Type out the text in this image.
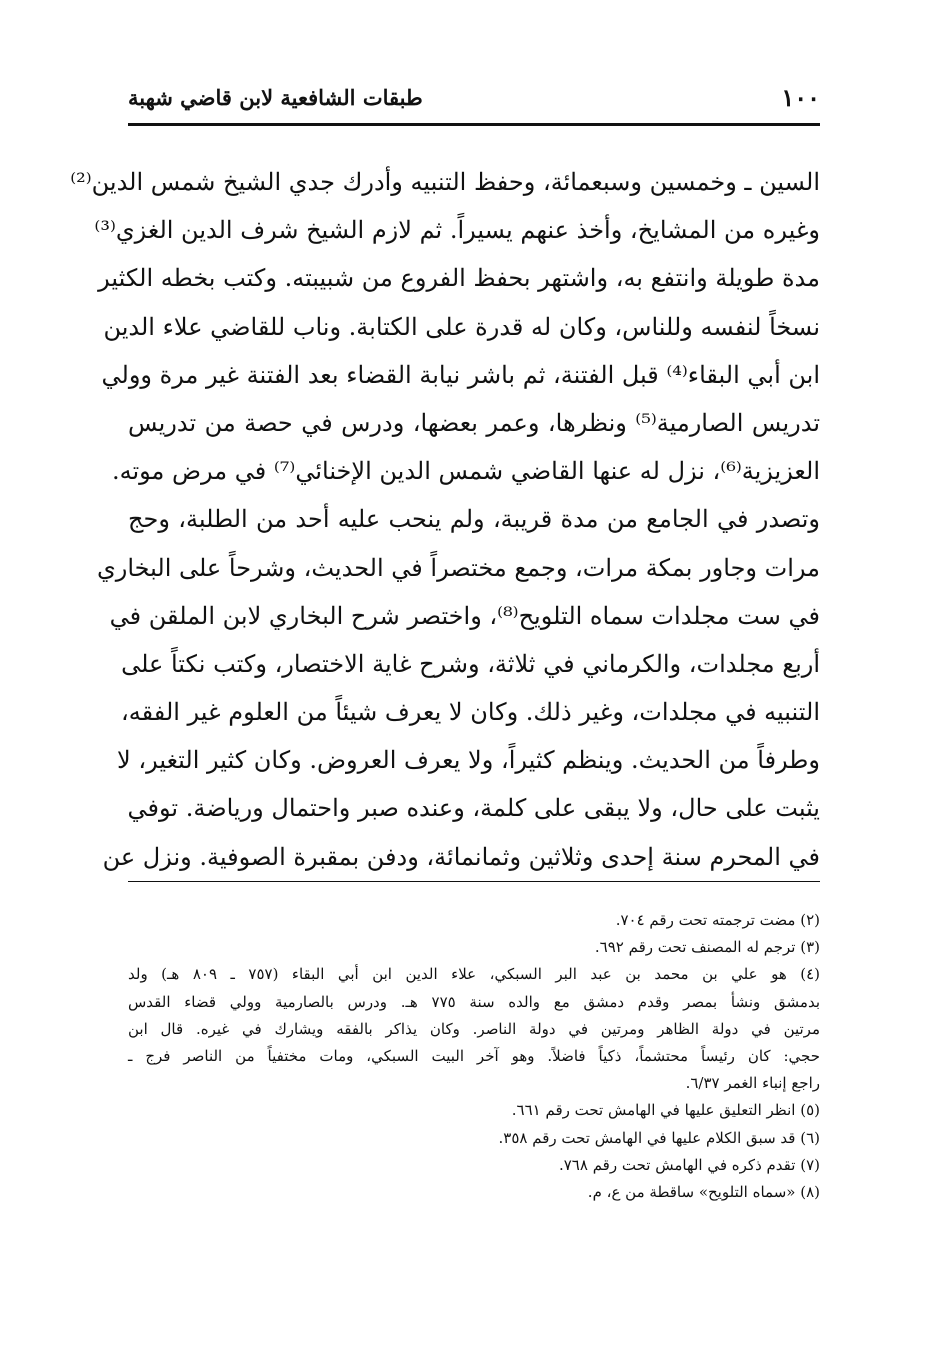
١٠٠
طبقات الشافعية لابن قاضي شهبة
السين ـ وخمسين وسبعمائة، وحفظ التنبيه وأدرك جدي الشيخ شمس الدين⁽²⁾
وغيره من المشايخ، وأخذ عنهم يسيراً. ثم لازم الشيخ شرف الدين الغزي⁽³⁾
مدة طويلة وانتفع به، واشتهر بحفظ الفروع من شبيبته. وكتب بخطه الكثير
نسخاً لنفسه وللناس، وكان له قدرة على الكتابة. وناب للقاضي علاء الدين
ابن أبي البقاء⁽⁴⁾ قبل الفتنة، ثم باشر نيابة القضاء بعد الفتنة غير مرة وولي
تدريس الصارمية⁽⁵⁾ ونظرها، وعمر بعضها، ودرس في حصة من تدريس
العزيزية⁽⁶⁾، نزل له عنها القاضي شمس الدين الإخنائي⁽⁷⁾ في مرض موته.
وتصدر في الجامع من مدة قريبة، ولم ينحب عليه أحد من الطلبة، وحج
مرات وجاور بمكة مرات، وجمع مختصراً في الحديث، وشرحاً على البخاري
في ست مجلدات سماه التلويح⁽⁸⁾، واختصر شرح البخاري لابن الملقن في
أربع مجلدات، والكرماني في ثلاثة، وشرح غاية الاختصار، وكتب نكتاً على
التنبيه في مجلدات، وغير ذلك. وكان لا يعرف شيئاً من العلوم غير الفقه،
وطرفاً من الحديث. وينظم كثيراً، ولا يعرف العروض. وكان كثير التغير، لا
يثبت على حال، ولا يبقى على كلمة، وعنده صبر واحتمال ورياضة. توفي
في المحرم سنة إحدى وثلاثين وثمانمائة، ودفن بمقبرة الصوفية. ونزل عن
(٢) مضت ترجمته تحت رقم ٧٠٤.
(٣) ترجم له المصنف تحت رقم ٦٩٢.
(٤) هو علي بن محمد بن عبد البر السبكي، علاء الدين ابن أبي البقاء (٧٥٧ ـ ٨٠٩ هـ) ولد
بدمشق ونشأ بمصر وقدم دمشق مع والده سنة ٧٧٥ هـ. ودرس بالصارمية وولي قضاء القدس
مرتين في دولة الظاهر ومرتين في دولة الناصر. وكان يذاكر بالفقه ويشارك في غيره. قال ابن
حجي: كان رئيساً محتشماً، ذكياً فاضلاً. وهو آخر البيت السبكي، ومات مختفياً من الناصر فرج ـ
راجع إنباء الغمر ٦/٣٧.
(٥) انظر التعليق عليها في الهامش تحت رقم ٦٦١.
(٦) قد سبق الكلام عليها في الهامش تحت رقم ٣٥٨.
(٧) تقدم ذكره في الهامش تحت رقم ٧٦٨.
(٨) «سماه التلويح» ساقطة من ع، م.
